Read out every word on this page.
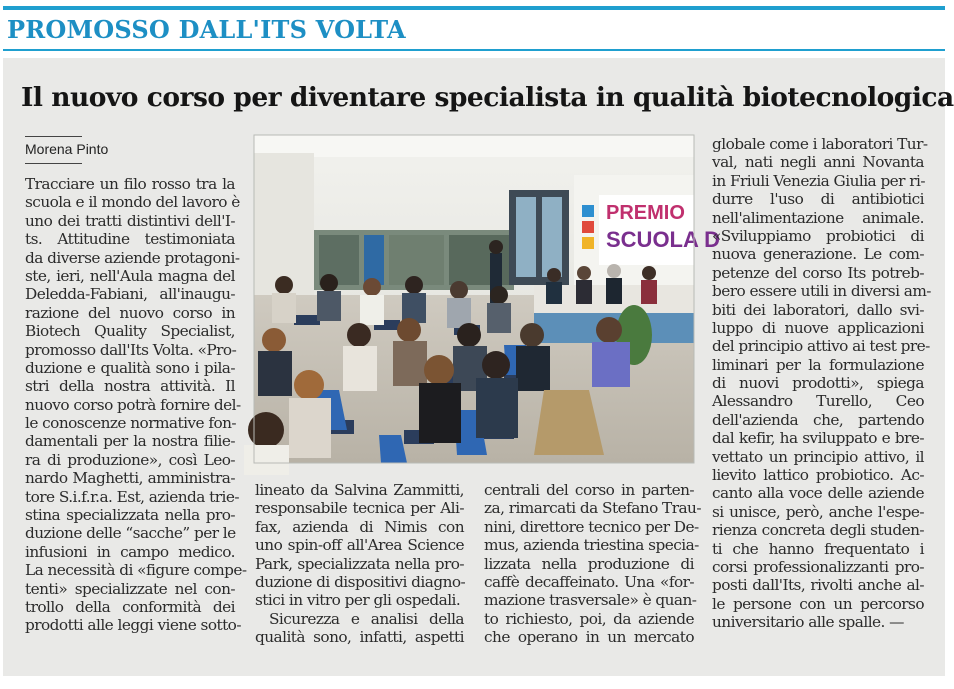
PROMOSSO DALL'ITS VOLTA
Il nuovo corso per diventare specialista in qualità biotecnologica
Morena Pinto
Tracciare un filo rosso tra la
scuola e il mondo del lavoro è
uno dei tratti distintivi dell'I-
ts. Attitudine testimoniata
da diverse aziende protagoni-
ste, ieri, nell'Aula magna del
Deledda-Fabiani, all'inaugu-
razione del nuovo corso in
Biotech Quality Specialist,
promosso dall'Its Volta. «Pro-
duzione e qualità sono i pila-
stri della nostra attività. Il
nuovo corso potrà fornire del-
le conoscenze normative fon-
damentali per la nostra filie-
ra di produzione», così Leo-
nardo Maghetti, amministra-
tore S.i.f.r.a. Est, azienda trie-
stina specializzata nella pro-
duzione delle “sacche” per le
infusioni in campo medico.
La necessità di «figure compe-
tenti» specializzate nel con-
trollo della conformità dei
prodotti alle leggi viene sotto-
PREMIO
SCUOLA D
lineato da Salvina Zammitti,
responsabile tecnica per Ali-
fax, azienda di Nimis con
uno spin-off all'Area Science
Park, specializzata nella pro-
duzione di dispositivi diagno-
stici in vitro per gli ospedali.
Sicurezza e analisi della
qualità sono, infatti, aspetti
centrali del corso in parten-
za, rimarcati da Stefano Trau-
nini, direttore tecnico per De-
mus, azienda triestina specia-
lizzata nella produzione di
caffè decaffeinato. Una «for-
mazione trasversale» è quan-
to richiesto, poi, da aziende
che operano in un mercato
globale come i laboratori Tur-
val, nati negli anni Novanta
in Friuli Venezia Giulia per ri-
durre l'uso di antibiotici
nell'alimentazione animale.
«Sviluppiamo probiotici di
nuova generazione. Le com-
petenze del corso Its potreb-
bero essere utili in diversi am-
biti dei laboratori, dallo svi-
luppo di nuove applicazioni
del principio attivo ai test pre-
liminari per la formulazione
di nuovi prodotti», spiega
Alessandro Turello, Ceo
dell'azienda che, partendo
dal kefir, ha sviluppato e bre-
vettato un principio attivo, il
lievito lattico probiotico. Ac-
canto alla voce delle aziende
si unisce, però, anche l'espe-
rienza concreta degli studen-
ti che hanno frequentato i
corsi professionalizzanti pro-
posti dall'Its, rivolti anche al-
le persone con un percorso
universitario alle spalle. —
